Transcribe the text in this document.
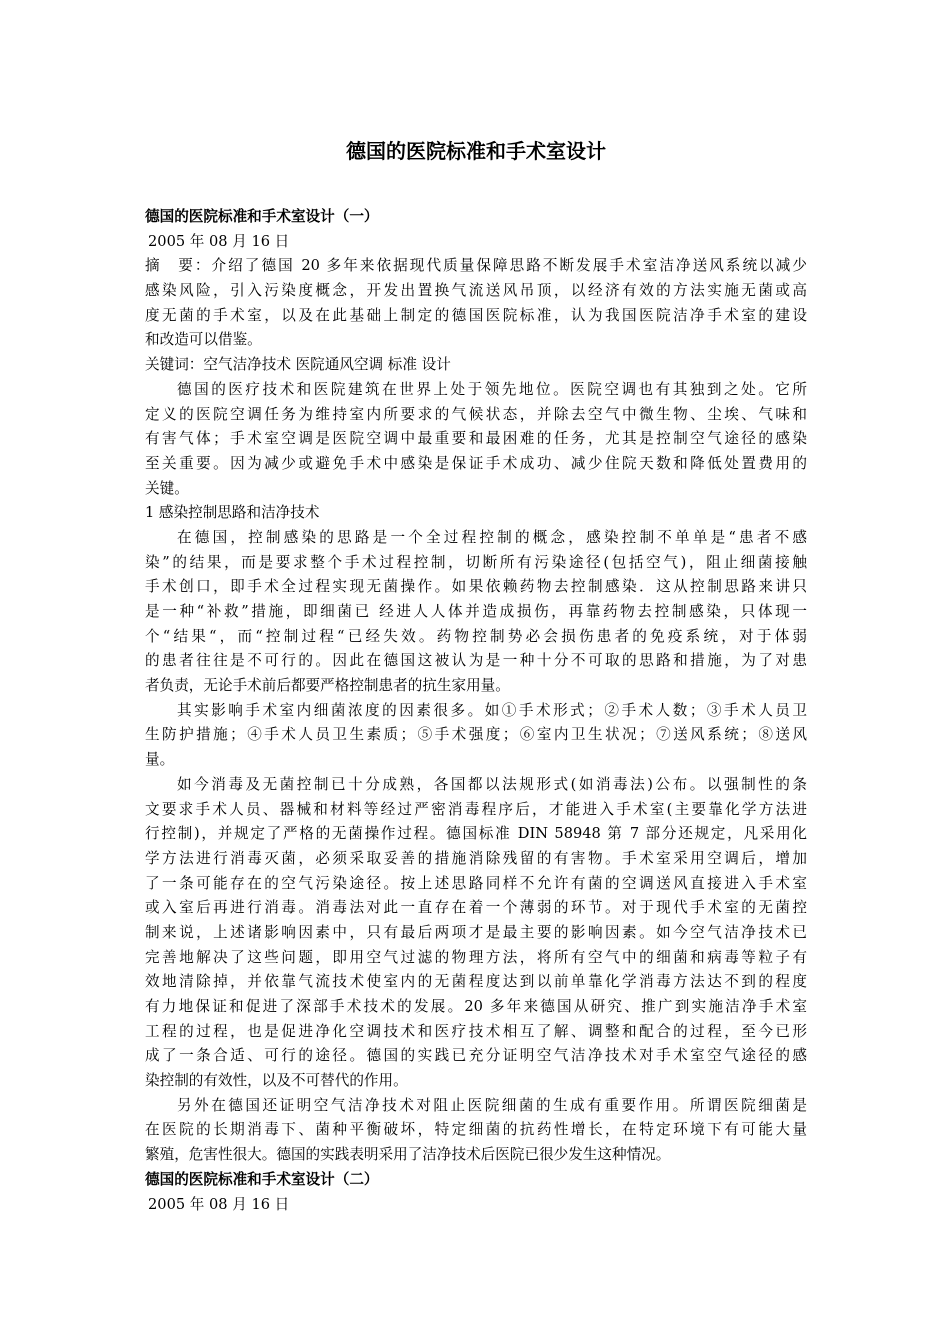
德国的医院标准和手术室设计
德国的医院标准和手术室设计（一）
2005 年 08 月 16 日
摘　要：介绍了德国 20 多年来依据现代质量保障思路不断发展手术室洁净送风系统以减少
感染风险，引入污染度概念，开发出置换气流送风吊顶，以经济有效的方法实施无菌或高
度无菌的手术室，以及在此基础上制定的德国医院标准，认为我国医院洁净手术室的建设
和改造可以借鉴。
关键词：空气洁净技术 医院通风空调 标准 设计
德国的医疗技术和医院建筑在世界上处于领先地位。医院空调也有其独到之处。它所
定义的医院空调任务为维持室内所要求的气候状态，并除去空气中微生物、尘埃、气味和
有害气体；手术室空调是医院空调中最重要和最困难的任务，尤其是控制空气途径的感染
至关重要。因为减少或避免手术中感染是保证手术成功、减少住院天数和降低处置费用的
关键。
1 感染控制思路和洁净技术
在德国，控制感染的思路是一个全过程控制的概念，感染控制不单单是“患者不感
染”的结果，而是要求整个手术过程控制，切断所有污染途径(包括空气)，阻止细菌接触
手术创口，即手术全过程实现无菌操作。如果依赖药物去控制感染．这从控制思路来讲只
是一种“补救”措施，即细菌已 经进人人体并造成损伤，再靠药物去控制感染，只体现一
个“结果“，而“控制过程“已经失效。药物控制势必会损伤患者的免疫系统，对于体弱
的患者往往是不可行的。因此在德国这被认为是一种十分不可取的思路和措施，为了对患
者负责，无论手术前后都要严格控制患者的抗生家用量。
其实影响手术室内细菌浓度的因素很多。如①手术形式；②手术人数；③手术人员卫
生防护措施；④手术人员卫生素质；⑤手术强度；⑥室内卫生状况；⑦送风系统；⑧送风
量。
如今消毒及无菌控制已十分成熟，各国都以法规形式(如消毒法)公布。以强制性的条
文要求手术人员、器械和材料等经过严密消毒程序后，才能进入手术室(主要靠化学方法进
行控制)，并规定了严格的无菌操作过程。德国标准 DIN 58948 第 7 部分还规定，凡采用化
学方法进行消毒灭菌，必须采取妥善的措施消除残留的有害物。手术室采用空调后，增加
了一条可能存在的空气污染途径。按上述思路同样不允许有菌的空调送风直接进入手术室
或入室后再进行消毒。消毒法对此一直存在着一个薄弱的环节。对于现代手术室的无菌控
制来说，上述诸影响因素中，只有最后两项才是最主要的影响因素。如今空气洁净技术已
完善地解决了这些问题，即用空气过滤的物理方法，将所有空气中的细菌和病毒等粒子有
效地清除掉，并依靠气流技术使室内的无菌程度达到以前单靠化学消毒方法达不到的程度
有力地保证和促进了深部手术技术的发展。20 多年来德国从研究、推广到实施洁净手术室
工程的过程，也是促进净化空调技术和医疗技术相互了解、调整和配合的过程，至今已形
成了一条合适、可行的途径。德国的实践已充分证明空气洁净技术对手术室空气途径的感
染控制的有效性，以及不可替代的作用。
另外在德国还证明空气洁净技术对阻止医院细菌的生成有重要作用。所谓医院细菌是
在医院的长期消毒下、菌种平衡破坏，特定细菌的抗药性增长，在特定环境下有可能大量
繁殖，危害性很大。德国的实践表明采用了洁净技术后医院已很少发生这种情况。
德国的医院标准和手术室设计（二）
2005 年 08 月 16 日
